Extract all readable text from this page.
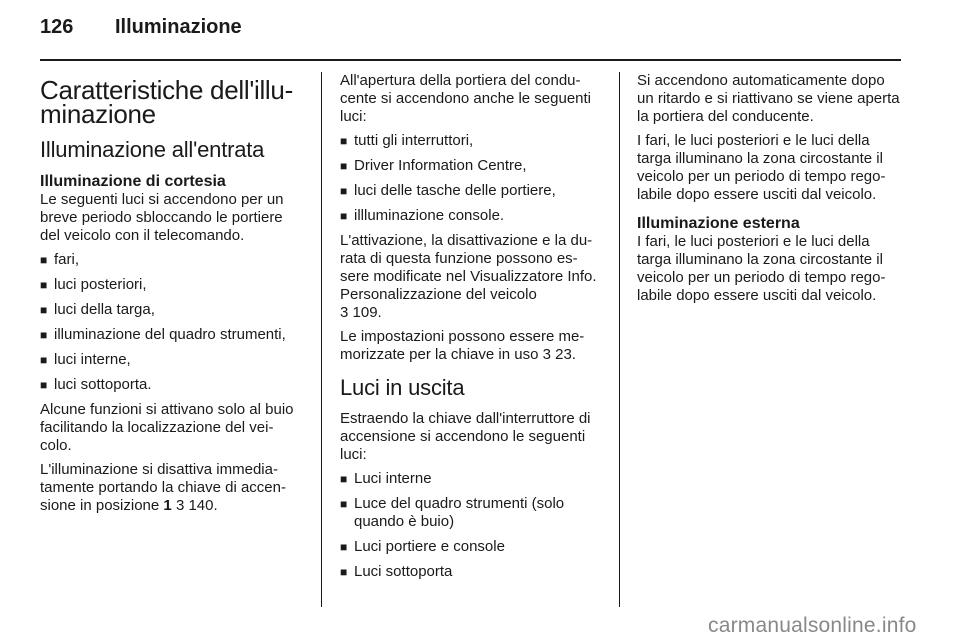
126 Illuminazione
Caratteristiche dell'illu-minazione
Illuminazione all'entrata
Illuminazione di cortesia

Le seguenti luci si accendono per un breve periodo sbloccando le portiere del veicolo con il telecomando.

■ fari,
■ luci posteriori,
■ luci della targa,
■ illuminazione del quadro strumenti,
■ luci interne,
■ luci sottoporta.

Alcune funzioni si attivano solo al buio facilitando la localizzazione del vei-colo.

L'illuminazione si disattiva immedia-tamente portando la chiave di accen-sione in posizione 1 3 140.

All'apertura della portiera del condu-cente si accendono anche le seguenti luci:

■ tutti gli interruttori,
■ Driver Information Centre,
■ luci delle tasche delle portiere,
■ illluminazione console.

L'attivazione, la disattivazione e la du-rata di questa funzione possono es-sere modificate nel Visualizzatore Info. Personalizzazione del veicolo
3 109.

Le impostazioni possono essere me-morizzate per la chiave in uso 3 23.

Luci in uscita

Estraendo la chiave dall'interruttore di accensione si accendono le seguenti luci:

■ Luci interne
■ Luce del quadro strumenti (solo quando è buio)
■ Luci portiere e console
■ Luci sottoporta

Si accendono automaticamente dopo un ritardo e si riattivano se viene aperta la portiera del conducente.

I fari, le luci posteriori e le luci della targa illuminano la zona circostante il veicolo per un periodo di tempo rego-labile dopo essere usciti dal veicolo.

Illuminazione esterna

I fari, le luci posteriori e le luci della targa illuminano la zona circostante il veicolo per un periodo di tempo rego-labile dopo essere usciti dal veicolo.

carmanualsonline.info
